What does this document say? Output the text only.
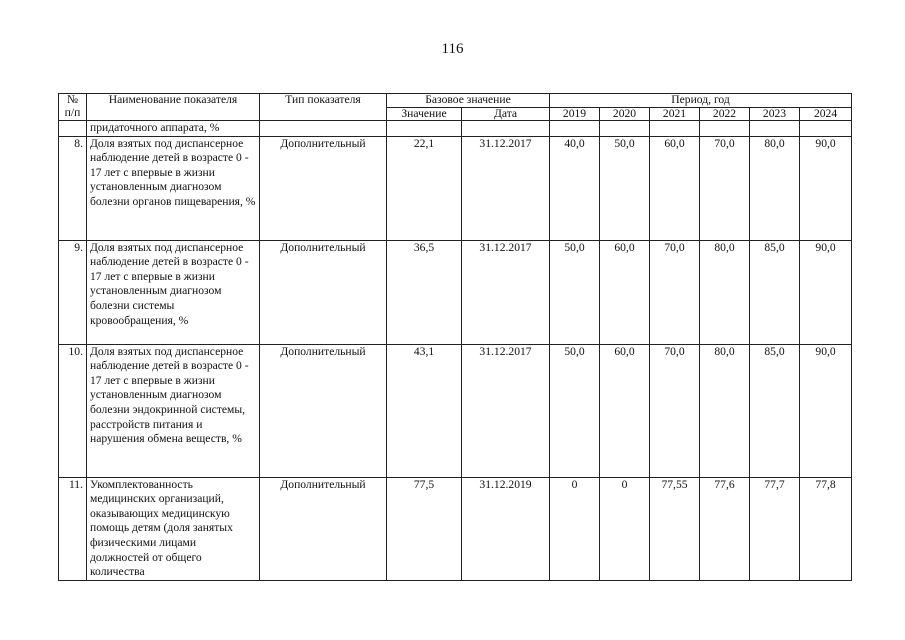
116
№
п/п	Наименование показателя	Тип показателя	Базовое значение		Период, год					
			Значение	Дата	2019	2020	2021	2022	2023	2024
	придаточного аппарата, %									
8.	Доля взятых под диспансерное наблюдение детей в возрасте 0 - 17 лет с впервые в жизни установленным диагнозом болезни органов пищеварения, %	Дополнительный	22,1	31.12.2017	40,0	50,0	60,0	70,0	80,0	90,0
9.	Доля взятых под диспансерное наблюдение детей в возрасте 0 - 17 лет с впервые в жизни установленным диагнозом болезни системы кровообращения, %	Дополнительный	36,5	31.12.2017	50,0	60,0	70,0	80,0	85,0	90,0
10.	Доля взятых под диспансерное наблюдение детей в возрасте 0 - 17 лет с впервые в жизни установленным диагнозом болезни эндокринной системы, расстройств питания и нарушения обмена веществ, %	Дополнительный	43,1	31.12.2017	50,0	60,0	70,0	80,0	85,0	90,0
11.	Укомплектованность медицинских организаций, оказывающих медицинскую помощь детям (доля занятых физическими лицами должностей от общего количества	Дополнительный	77,5	31.12.2019	0	0	77,55	77,6	77,7	77,8
